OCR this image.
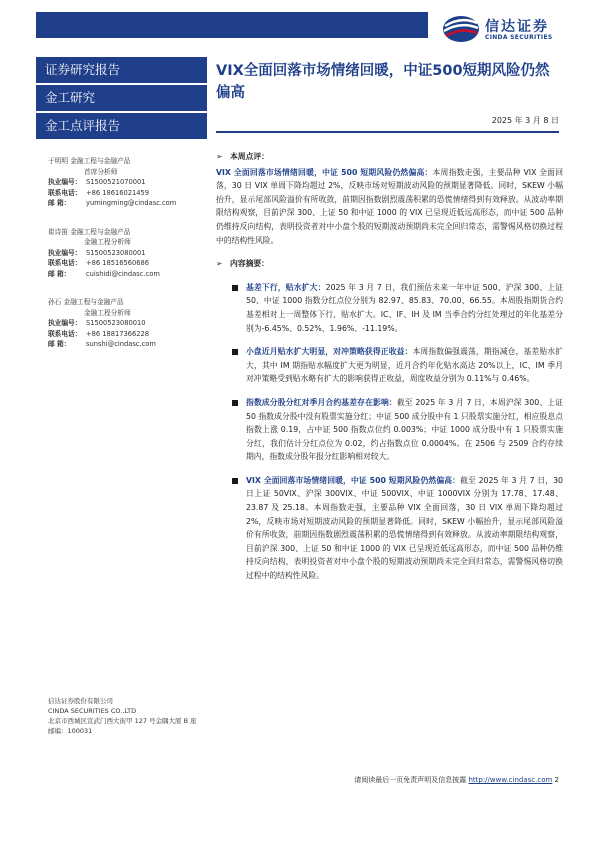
信达证券
CINDA SECURITIES
证券研究报告
金工研究
金工点评报告
VIX全面回落市场情绪回暖，中证500短期风险仍然偏高
2025 年 3 月 8 日
于明明 金融工程与金融产品
首席分析师
执业编号： S1500521070001
联系电话： +86 18616021459
邮 箱： yumingming@cindasc.com
崔诗笛 金融工程与金融产品
金融工程分析师
执业编号： S1500523080001
联系电话： +86 18516560686
邮 箱： cuishidi@cindasc.com
孙石 金融工程与金融产品
金融工程分析师
执业编号： S1500523080010
联系电话： +86 18817366228
邮 箱： sunshi@cindasc.com
信达证券股份有限公司
CINDA SECURITIES CO.,LTD
北京市西城区宣武门西大街甲 127 号金隅大厦 B 座
邮编：100031
➢ 本周点评：
VIX 全面回落市场情绪回暖，中证 500 短期风险仍然偏高：本周指数走强，主要品种 VIX 全面回落，30 日 VIX 单周下降均超过 2%，反映市场对短期波动风险的预期显著降低。同时，SKEW 小幅抬升，显示尾部风险溢价有所收敛，前期因指数剧烈震荡积累的恐慌情绪得到有效释放。从波动率期限结构观察，目前沪深 300、上证 50 和中证 1000 的 VIX 已呈现近低远高形态，而中证 500 品种仍维持反向结构，表明投资者对中小盘个股的短期波动预期尚未完全回归常态，需警惕风格切换过程中的结构性风险。
➢ 内容摘要：
基差下行，贴水扩大：2025 年 3 月 7 日，我们预估未来一年中证 500、沪深 300、上证 50、中证 1000 指数分红点位分别为 82.97、85.83、70.00、66.55。本周股指期货合约基差相对上一周整体下行，贴水扩大。IC、IF、IH 及 IM 当季合约分红处理过的年化基差分别为-6.45%、0.52%、1.96%、-11.19%。
小盘近月贴水扩大明显，对冲策略获得正收益：本周指数偏强震荡，期指减仓，基差贴水扩大，其中 IM 期指贴水幅度扩大更为明显，近月合约年化贴水高达 20%以上，IC、IM 季月对冲策略受到贴水略有扩大的影响获得正收益，周度收益分别为 0.11%与 0.46%。
指数成分股分红对季月合约基差存在影响：截至 2025 年 3 月 7 日，本周沪深 300、上证 50 指数成分股中没有股票实施分红；中证 500 成分股中有 1 只股票实施分红，相应股息点指数上涨 0.19，占中证 500 指数点位约 0.003%；中证 1000 成分股中有 1 只股票实施分红，我们估计分红点位为 0.02，约占指数点位 0.0004%。在 2506 与 2509 合约存续期内，指数成分股年报分红影响相对较大。
VIX 全面回落市场情绪回暖，中证 500 短期风险仍然偏高：截至 2025 年 3 月 7 日，30 日上证 50VIX、沪深 300VIX、中证 500VIX、中证 1000VIX 分别为 17.78、17.48、23.87 及 25.18。本周指数走强，主要品种 VIX 全面回落，30 日 VIX 单周下降均超过 2%，反映市场对短期波动风险的预期显著降低。同时，SKEW 小幅抬升，显示尾部风险溢价有所收敛，前期因指数剧烈震荡积累的恐慌情绪得到有效释放。从波动率期限结构观察，目前沪深 300、上证 50 和中证 1000 的 VIX 已呈现近低远高形态，而中证 500 品种仍维持反向结构，表明投资者对中小盘个股的短期波动预期尚未完全回归常态，需警惕风格切换过程中的结构性风险。
请阅读最后一页免责声明及信息披露 http://www.cindasc.com 2
